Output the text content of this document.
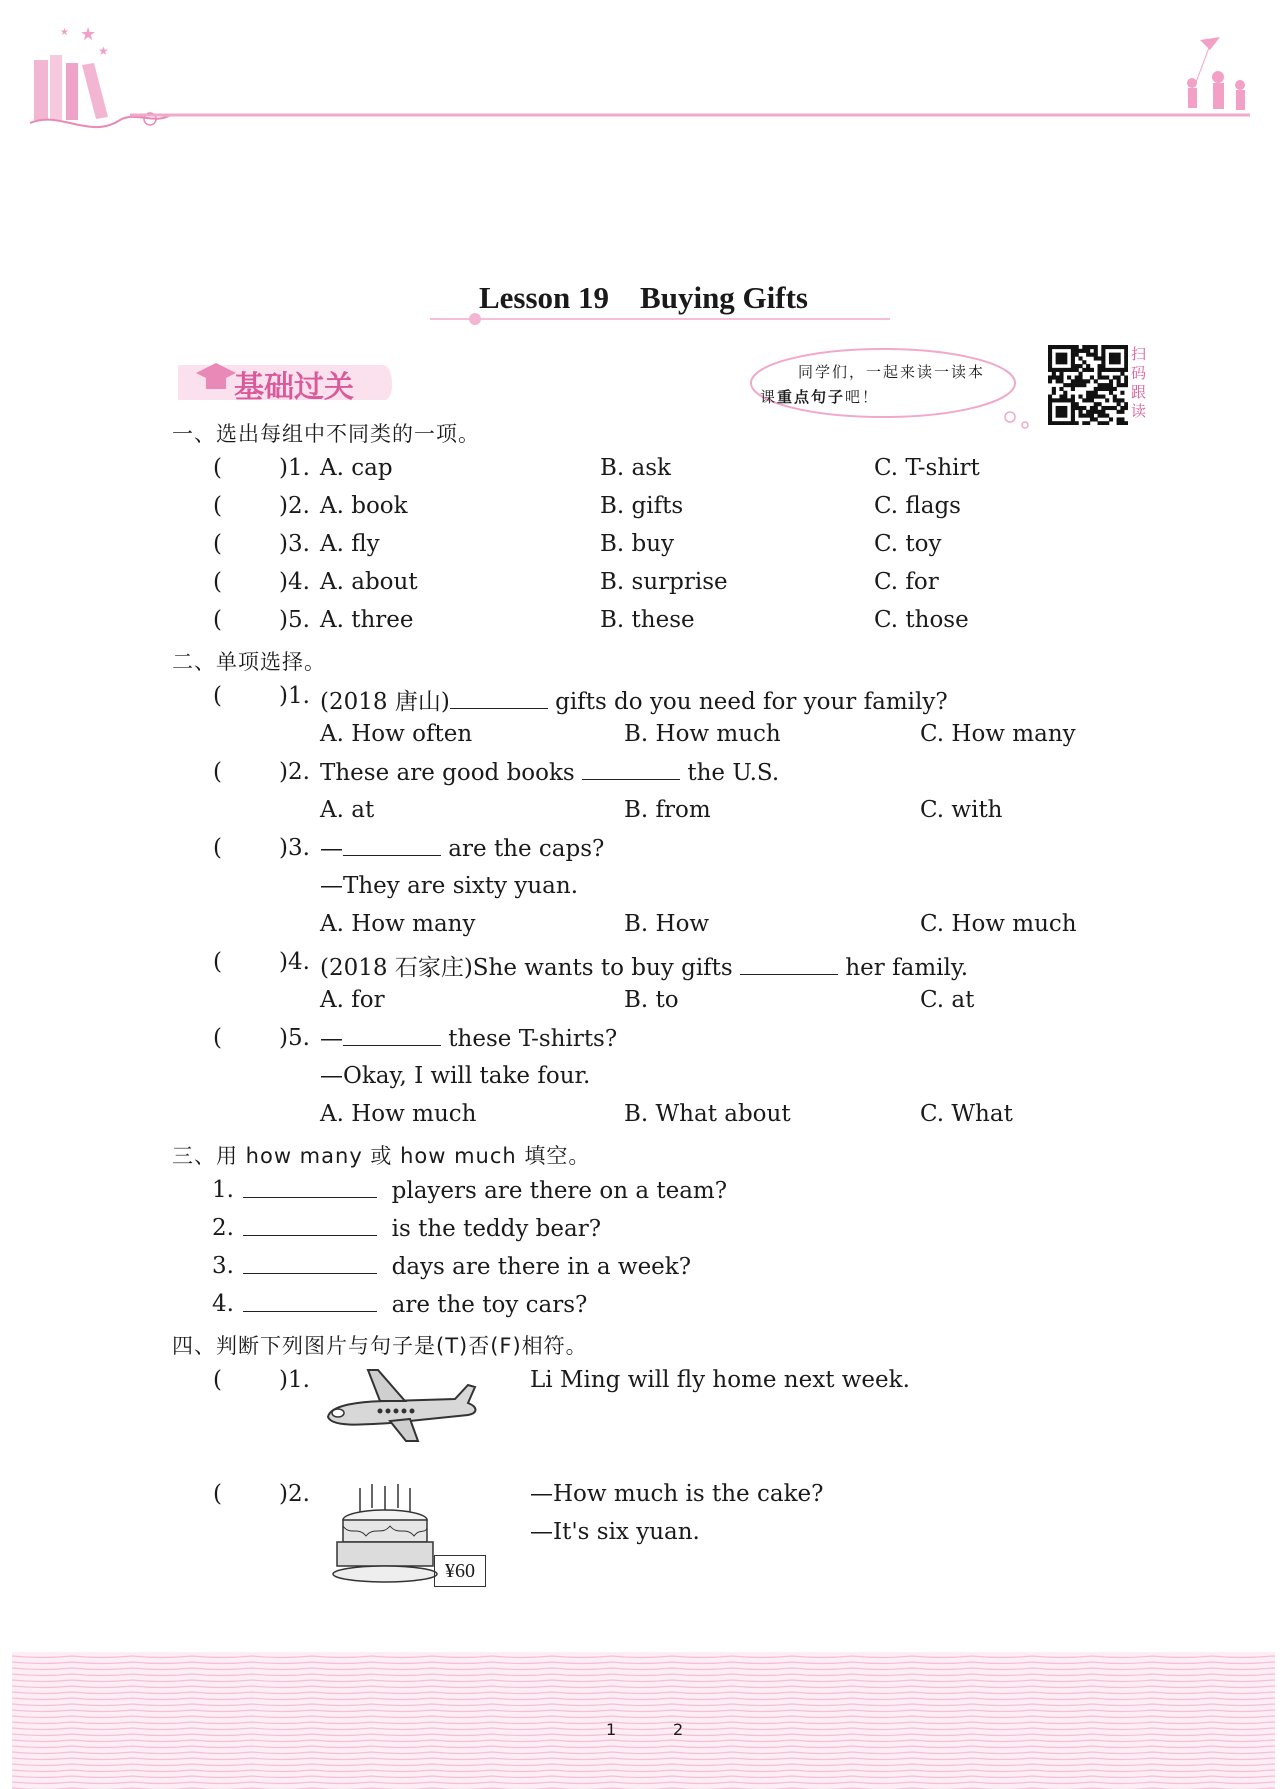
★
★
★
Lesson 19    Buying Gifts
基础过关	同学们，一起来读一读本
课重点句子吧！
扫
码
跟
读
一、选出每组中不同类的一项。
( )1. A. cap	B. ask	C. T-shirt
( )2. A. book	B. gifts	C. flags
( )3. A. fly	B. buy	C. toy
( )4. A. about	B. surprise	C. for
( )5. A. three	B. these	C. those
二、单项选择。
( )1. (2018 唐山)	gifts do you need for your family?
A. How often	B. How much	C. How many
( )2. These are good books	the U.S.
A. at	B. from	C. with
( )3. —	are the caps?
—They are sixty yuan.
A. How many	B. How	C. How much
( )4. (2018 石家庄)She wants to buy gifts	her family.
A. for	B. to	C. at
( )5. —	these T-shirts?
—Okay, I will take four.
A. How much	B. What about	C. What
三、用 how many 或 how much 填空。
1.	players are there on a team?
2.	is the teddy bear?
3.	days are there in a week?
4.	are the toy cars?
四、判断下列图片与句子是(T)否(F)相符。
( )1.	Li Ming will fly home next week.
( )2.	—How much is the cake?
—It's six yuan.
¥60
1	2
